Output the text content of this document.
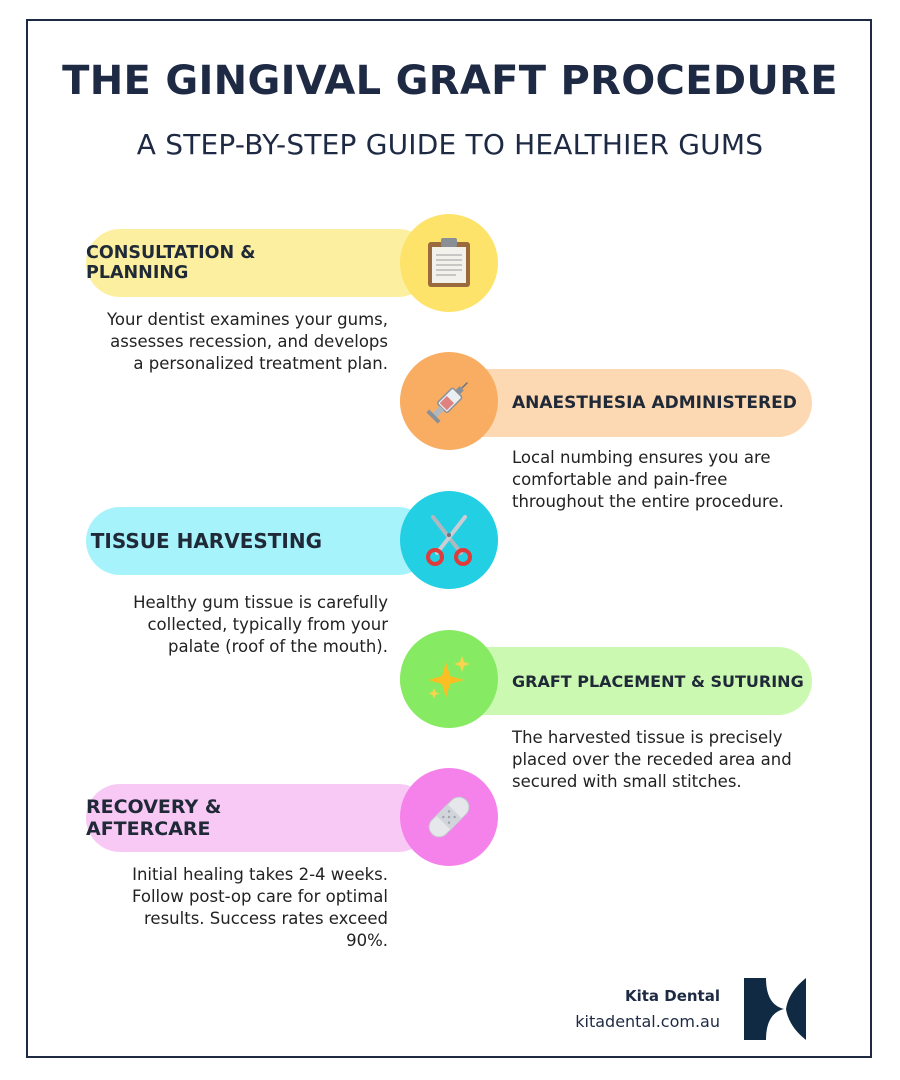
THE GINGIVAL GRAFT PROCEDURE
A STEP-BY-STEP GUIDE TO HEALTHIER GUMS
CONSULTATION & PLANNING
Your dentist examines your gums, assesses recession, and develops a personalized treatment plan.
ANAESTHESIA ADMINISTERED
Local numbing ensures you are comfortable and pain-free throughout the entire procedure.
TISSUE HARVESTING
Healthy gum tissue is carefully collected, typically from your palate (roof of the mouth).
GRAFT PLACEMENT & SUTURING
The harvested tissue is precisely placed over the receded area and secured with small stitches.
RECOVERY & AFTERCARE
Initial healing takes 2-4 weeks. Follow post-op care for optimal results. Success rates exceed 90%.
Kita Dental
kitadental.com.au
